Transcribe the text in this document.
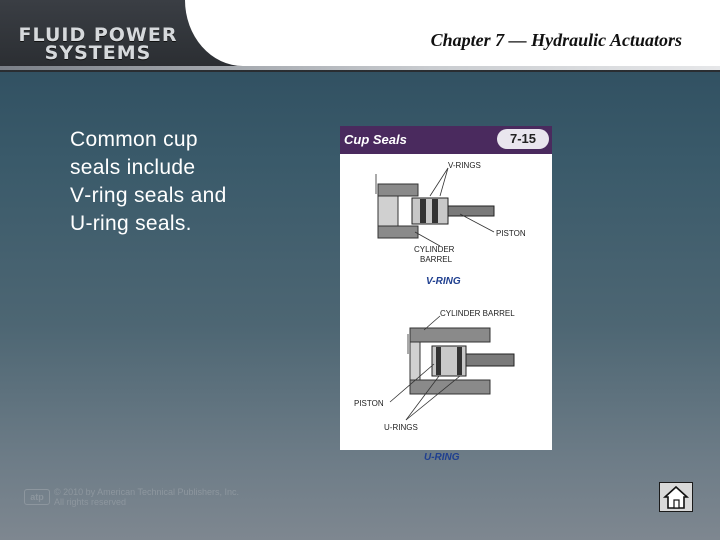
FLUID POWER
SYSTEMS
Chapter 7 — Hydraulic Actuators
Common cup
seals include
V‑ring seals and
U‑ring seals.
Cup Seals	7-15
V-RINGS
PISTON
CYLINDER
BARREL
V-RING
CYLINDER BARREL
PISTON
U-RINGS
U-RING
atp	© 2010 by American Technical Publishers, Inc.
All rights reserved
